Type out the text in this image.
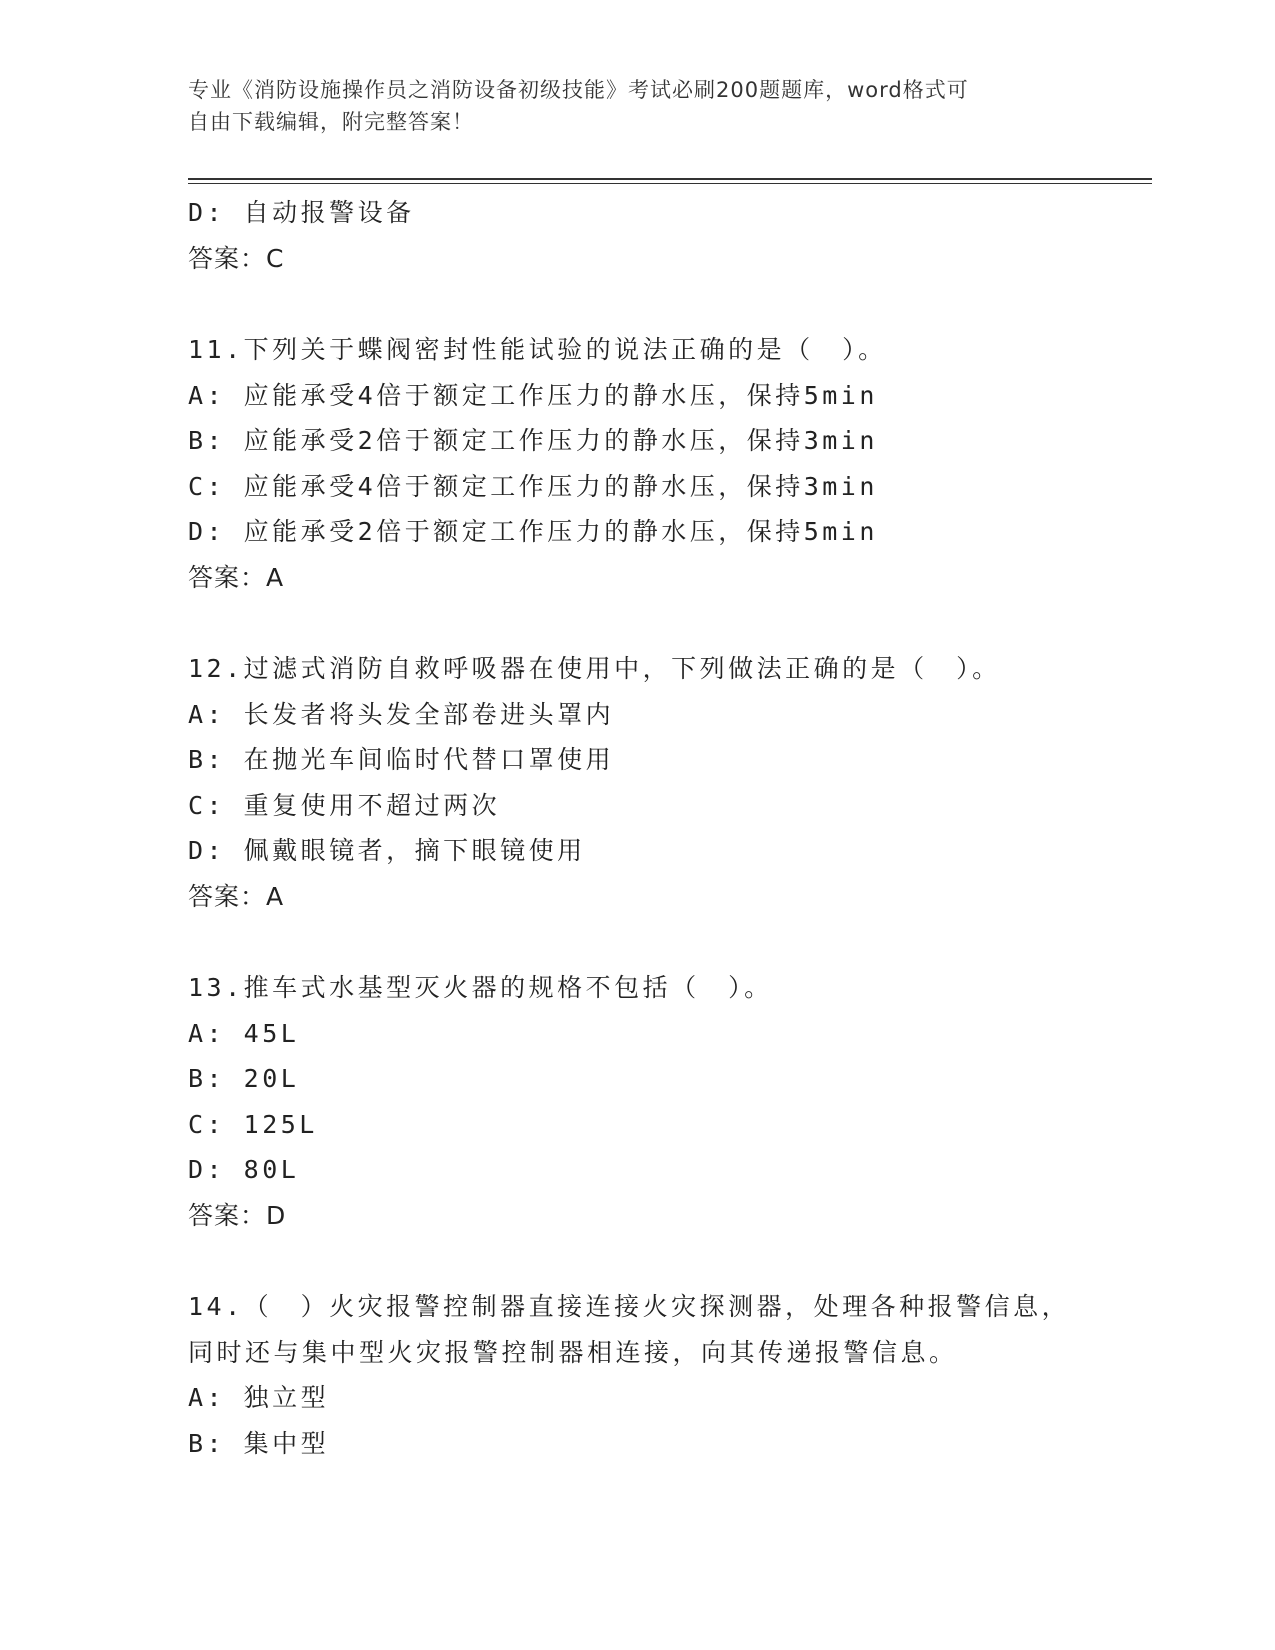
专业《消防设施操作员之消防设备初级技能》考试必刷200题题库，word格式可
自由下载编辑，附完整答案！
D: 自动报警设备
答案：C
11.下列关于蝶阀密封性能试验的说法正确的是（　）。
A: 应能承受4倍于额定工作压力的静水压，保持5min
B: 应能承受2倍于额定工作压力的静水压，保持3min
C: 应能承受4倍于额定工作压力的静水压，保持3min
D: 应能承受2倍于额定工作压力的静水压，保持5min
答案：A
12.过滤式消防自救呼吸器在使用中，下列做法正确的是（　）。
A: 长发者将头发全部卷进头罩内
B: 在抛光车间临时代替口罩使用
C: 重复使用不超过两次
D: 佩戴眼镜者，摘下眼镜使用
答案：A
13.推车式水基型灭火器的规格不包括（　）。
A: 45L
B: 20L
C: 125L
D: 80L
答案：D
14.（　）火灾报警控制器直接连接火灾探测器，处理各种报警信息，
同时还与集中型火灾报警控制器相连接，向其传递报警信息。
A: 独立型
B: 集中型
